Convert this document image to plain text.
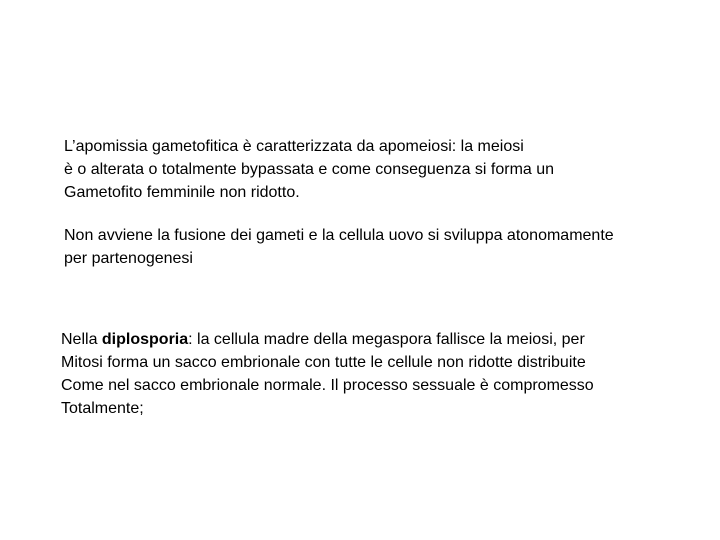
L’apomissia gametofitica è caratterizzata da apomeiosi: la meiosi
è o alterata o totalmente bypassata e come conseguenza si forma un
Gametofito femminile non ridotto.
Non avviene la fusione dei gameti e la cellula uovo si sviluppa atonomamente
per partenogenesi
Nella diplosporia: la cellula madre della megaspora fallisce la meiosi, per
Mitosi forma un sacco embrionale con tutte le cellule non ridotte distribuite
Come nel sacco embrionale normale. Il processo sessuale è compromesso
Totalmente;
